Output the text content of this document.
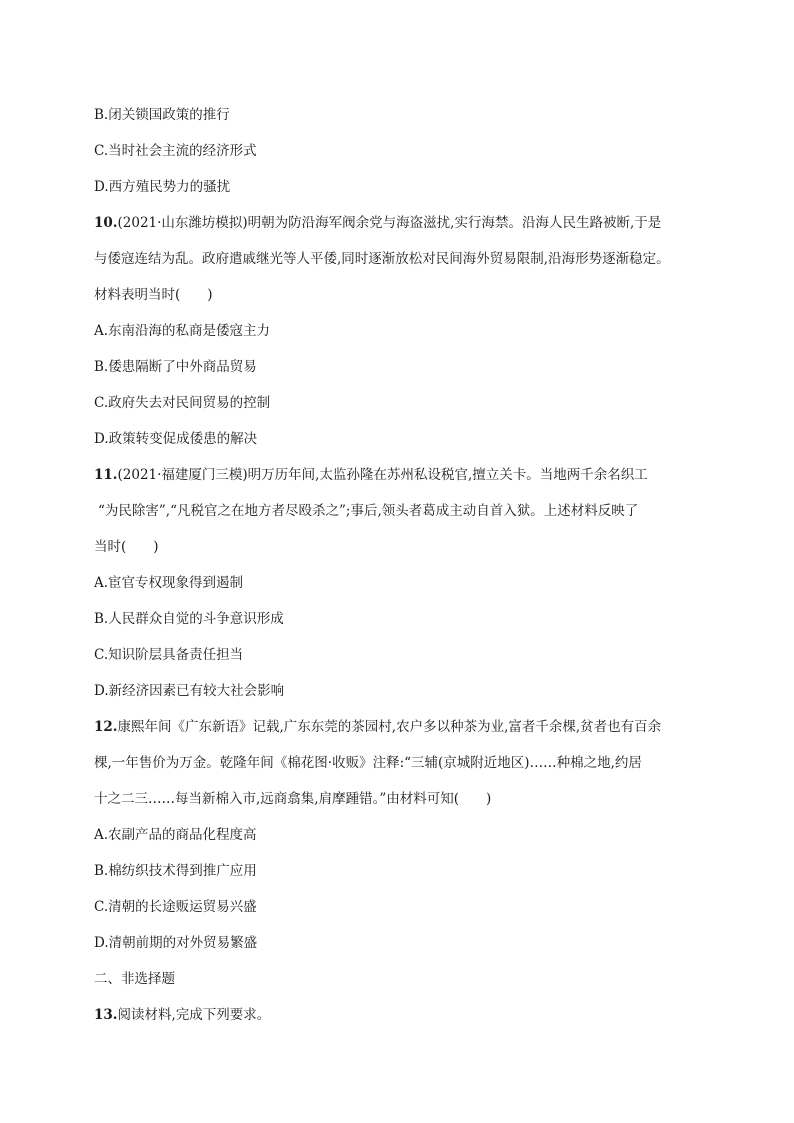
B.闭关锁国政策的推行
C.当时社会主流的经济形式
D.西方殖民势力的骚扰
10.(2021·山东潍坊模拟)明朝为防沿海军阀余党与海盗滋扰,实行海禁。沿海人民生路被断,于是
与倭寇连结为乱。政府遣戚继光等人平倭,同时逐渐放松对民间海外贸易限制,沿海形势逐渐稳定。
材料表明当时(　　)
A.东南沿海的私商是倭寇主力
B.倭患隔断了中外商品贸易
C.政府失去对民间贸易的控制
D.政策转变促成倭患的解决
11.(2021·福建厦门三模)明万历年间,太监孙隆在苏州私设税官,擅立关卡。当地两千余名织工
“为民除害”,“凡税官之在地方者尽殴杀之”;事后,领头者葛成主动自首入狱。上述材料反映了
当时(　　)
A.宦官专权现象得到遏制
B.人民群众自觉的斗争意识形成
C.知识阶层具备责任担当
D.新经济因素已有较大社会影响
12.康熙年间《广东新语》记载,广东东莞的茶园村,农户多以种茶为业,富者千余棵,贫者也有百余
棵,一年售价为万金。乾隆年间《棉花图·收贩》注释:“三辅(京城附近地区)……种棉之地,约居
十之二三……每当新棉入市,远商翕集,肩摩踵错。”由材料可知(　　)
A.农副产品的商品化程度高
B.棉纺织技术得到推广应用
C.清朝的长途贩运贸易兴盛
D.清朝前期的对外贸易繁盛
二、非选择题
13.阅读材料,完成下列要求。
